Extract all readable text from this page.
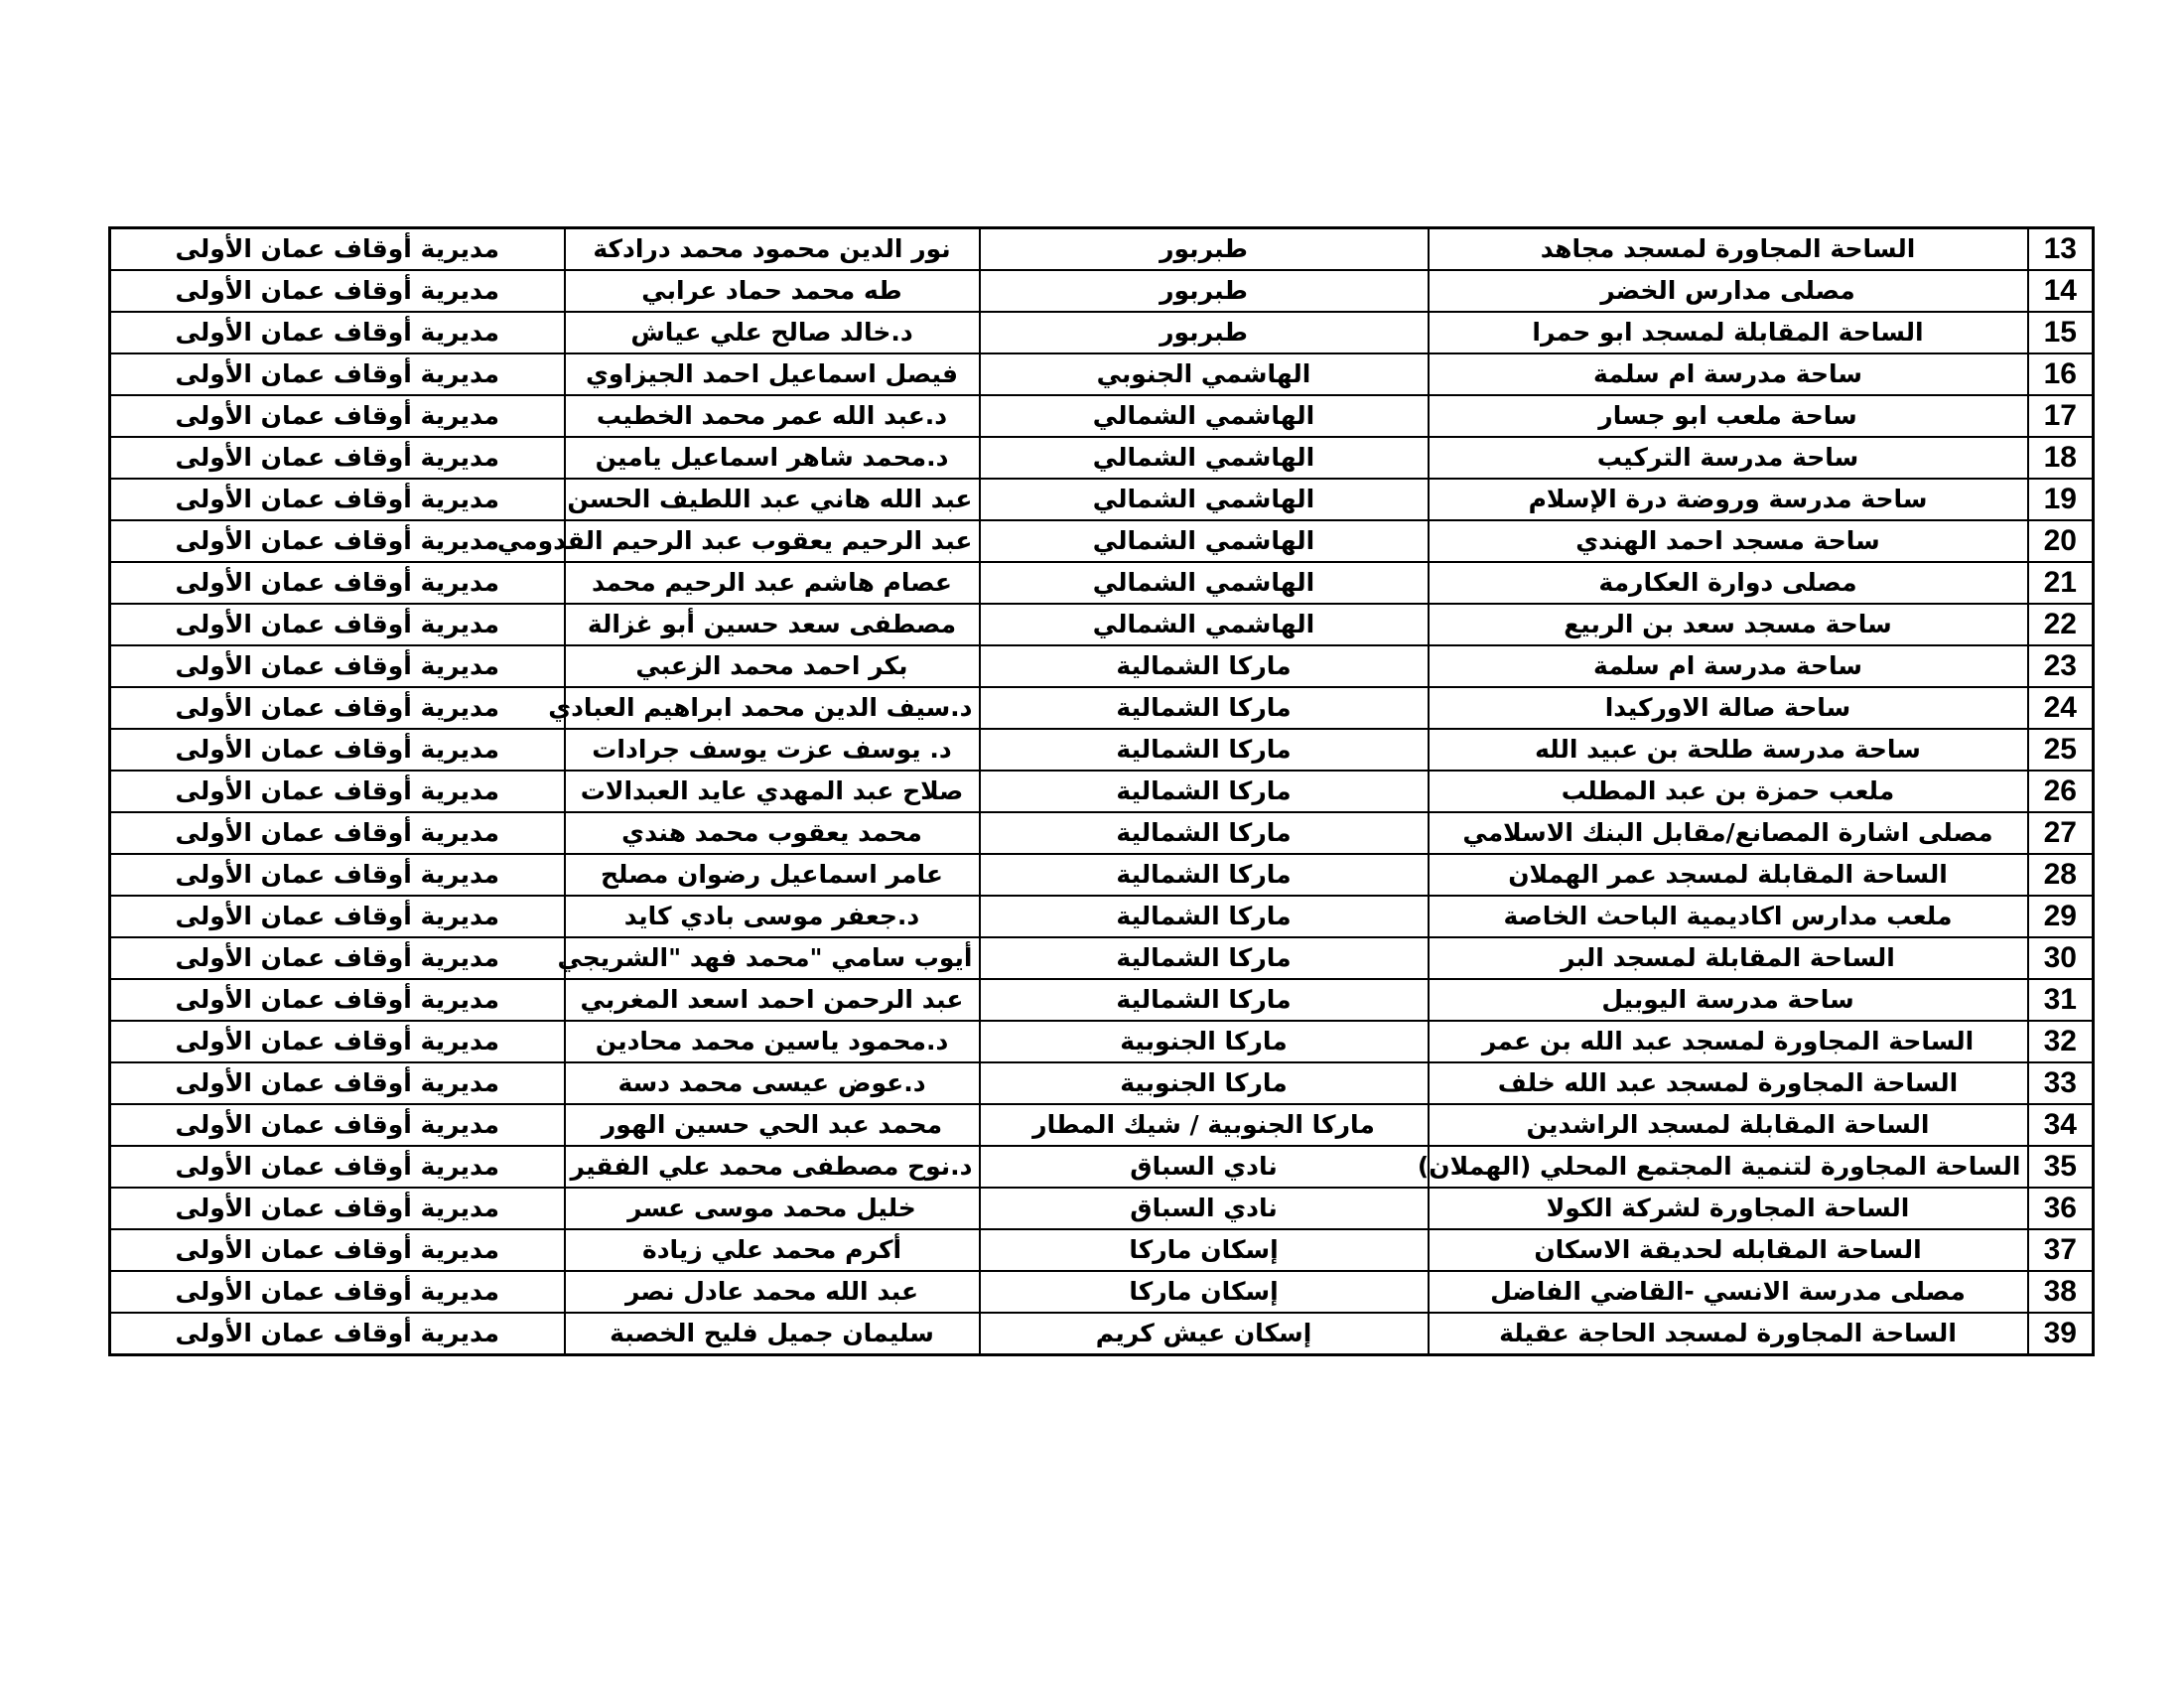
13	الساحة المجاورة لمسجد مجاهد	طبربور	نور الدين محمود محمد درادكة	مديرية أوقاف عمان الأولى
14	مصلى مدارس الخضر	طبربور	طه محمد حماد عرابي	مديرية أوقاف عمان الأولى
15	الساحة المقابلة لمسجد ابو حمرا	طبربور	د.خالد صالح علي عياش	مديرية أوقاف عمان الأولى
16	ساحة مدرسة ام سلمة	الهاشمي الجنوبي	فيصل اسماعيل احمد الجيزاوي	مديرية أوقاف عمان الأولى
17	ساحة ملعب ابو جسار	الهاشمي الشمالي	د.عبد الله عمر محمد الخطيب	مديرية أوقاف عمان الأولى
18	ساحة مدرسة التركيب	الهاشمي الشمالي	د.محمد شاهر اسماعيل يامين	مديرية أوقاف عمان الأولى
19	ساحة مدرسة وروضة درة الإسلام	الهاشمي الشمالي	عبد الله هاني عبد اللطيف الحسن	مديرية أوقاف عمان الأولى
20	ساحة مسجد احمد الهندي	الهاشمي الشمالي	عبد الرحيم يعقوب عبد الرحيم القدومي	مديرية أوقاف عمان الأولى
21	مصلى دوارة العكارمة	الهاشمي الشمالي	عصام هاشم عبد الرحيم محمد	مديرية أوقاف عمان الأولى
22	ساحة مسجد سعد بن الربيع	الهاشمي الشمالي	مصطفى سعد حسين أبو غزالة	مديرية أوقاف عمان الأولى
23	ساحة مدرسة ام سلمة	ماركا الشمالية	بكر احمد محمد الزعبي	مديرية أوقاف عمان الأولى
24	ساحة صالة الاوركيدا	ماركا الشمالية	د.سيف الدين محمد ابراهيم العبادي	مديرية أوقاف عمان الأولى
25	ساحة مدرسة طلحة بن عبيد الله	ماركا الشمالية	د. يوسف عزت يوسف جرادات	مديرية أوقاف عمان الأولى
26	ملعب حمزة بن عبد المطلب	ماركا الشمالية	صلاح عبد المهدي عايد العبدالات	مديرية أوقاف عمان الأولى
27	مصلى اشارة المصانع/مقابل البنك الاسلامي	ماركا الشمالية	محمد يعقوب محمد هندي	مديرية أوقاف عمان الأولى
28	الساحة المقابلة لمسجد عمر الهملان	ماركا الشمالية	عامر اسماعيل رضوان مصلح	مديرية أوقاف عمان الأولى
29	ملعب مدارس اكاديمية الباحث الخاصة	ماركا الشمالية	د.جعفر موسى بادي كايد	مديرية أوقاف عمان الأولى
30	الساحة المقابلة لمسجد البر	ماركا الشمالية	أيوب سامي "محمد فهد "الشريجي	مديرية أوقاف عمان الأولى
31	ساحة مدرسة اليوبيل	ماركا الشمالية	عبد الرحمن احمد اسعد المغربي	مديرية أوقاف عمان الأولى
32	الساحة المجاورة لمسجد عبد الله بن عمر	ماركا الجنوبية	د.محمود ياسين محمد محادين	مديرية أوقاف عمان الأولى
33	الساحة المجاورة لمسجد عبد الله خلف	ماركا الجنوبية	د.عوض عيسى محمد دسة	مديرية أوقاف عمان الأولى
34	الساحة المقابلة لمسجد الراشدين	ماركا الجنوبية / شيك المطار	محمد عبد الحي حسين الهور	مديرية أوقاف عمان الأولى
35	الساحة المجاورة لتنمية المجتمع المحلي (الهملان)	نادي السباق	د.نوح مصطفى محمد علي الفقير	مديرية أوقاف عمان الأولى
36	الساحة المجاورة لشركة الكولا	نادي السباق	خليل محمد موسى عسر	مديرية أوقاف عمان الأولى
37	الساحة المقابله لحديقة الاسكان	إسكان ماركا	أكرم محمد علي زيادة	مديرية أوقاف عمان الأولى
38	مصلى مدرسة الانسي -القاضي الفاضل	إسكان ماركا	عبد الله محمد عادل نصر	مديرية أوقاف عمان الأولى
39	الساحة المجاورة لمسجد الحاجة عقيلة	إسكان عيش كريم	سليمان جميل فليح الخصبة	مديرية أوقاف عمان الأولى
